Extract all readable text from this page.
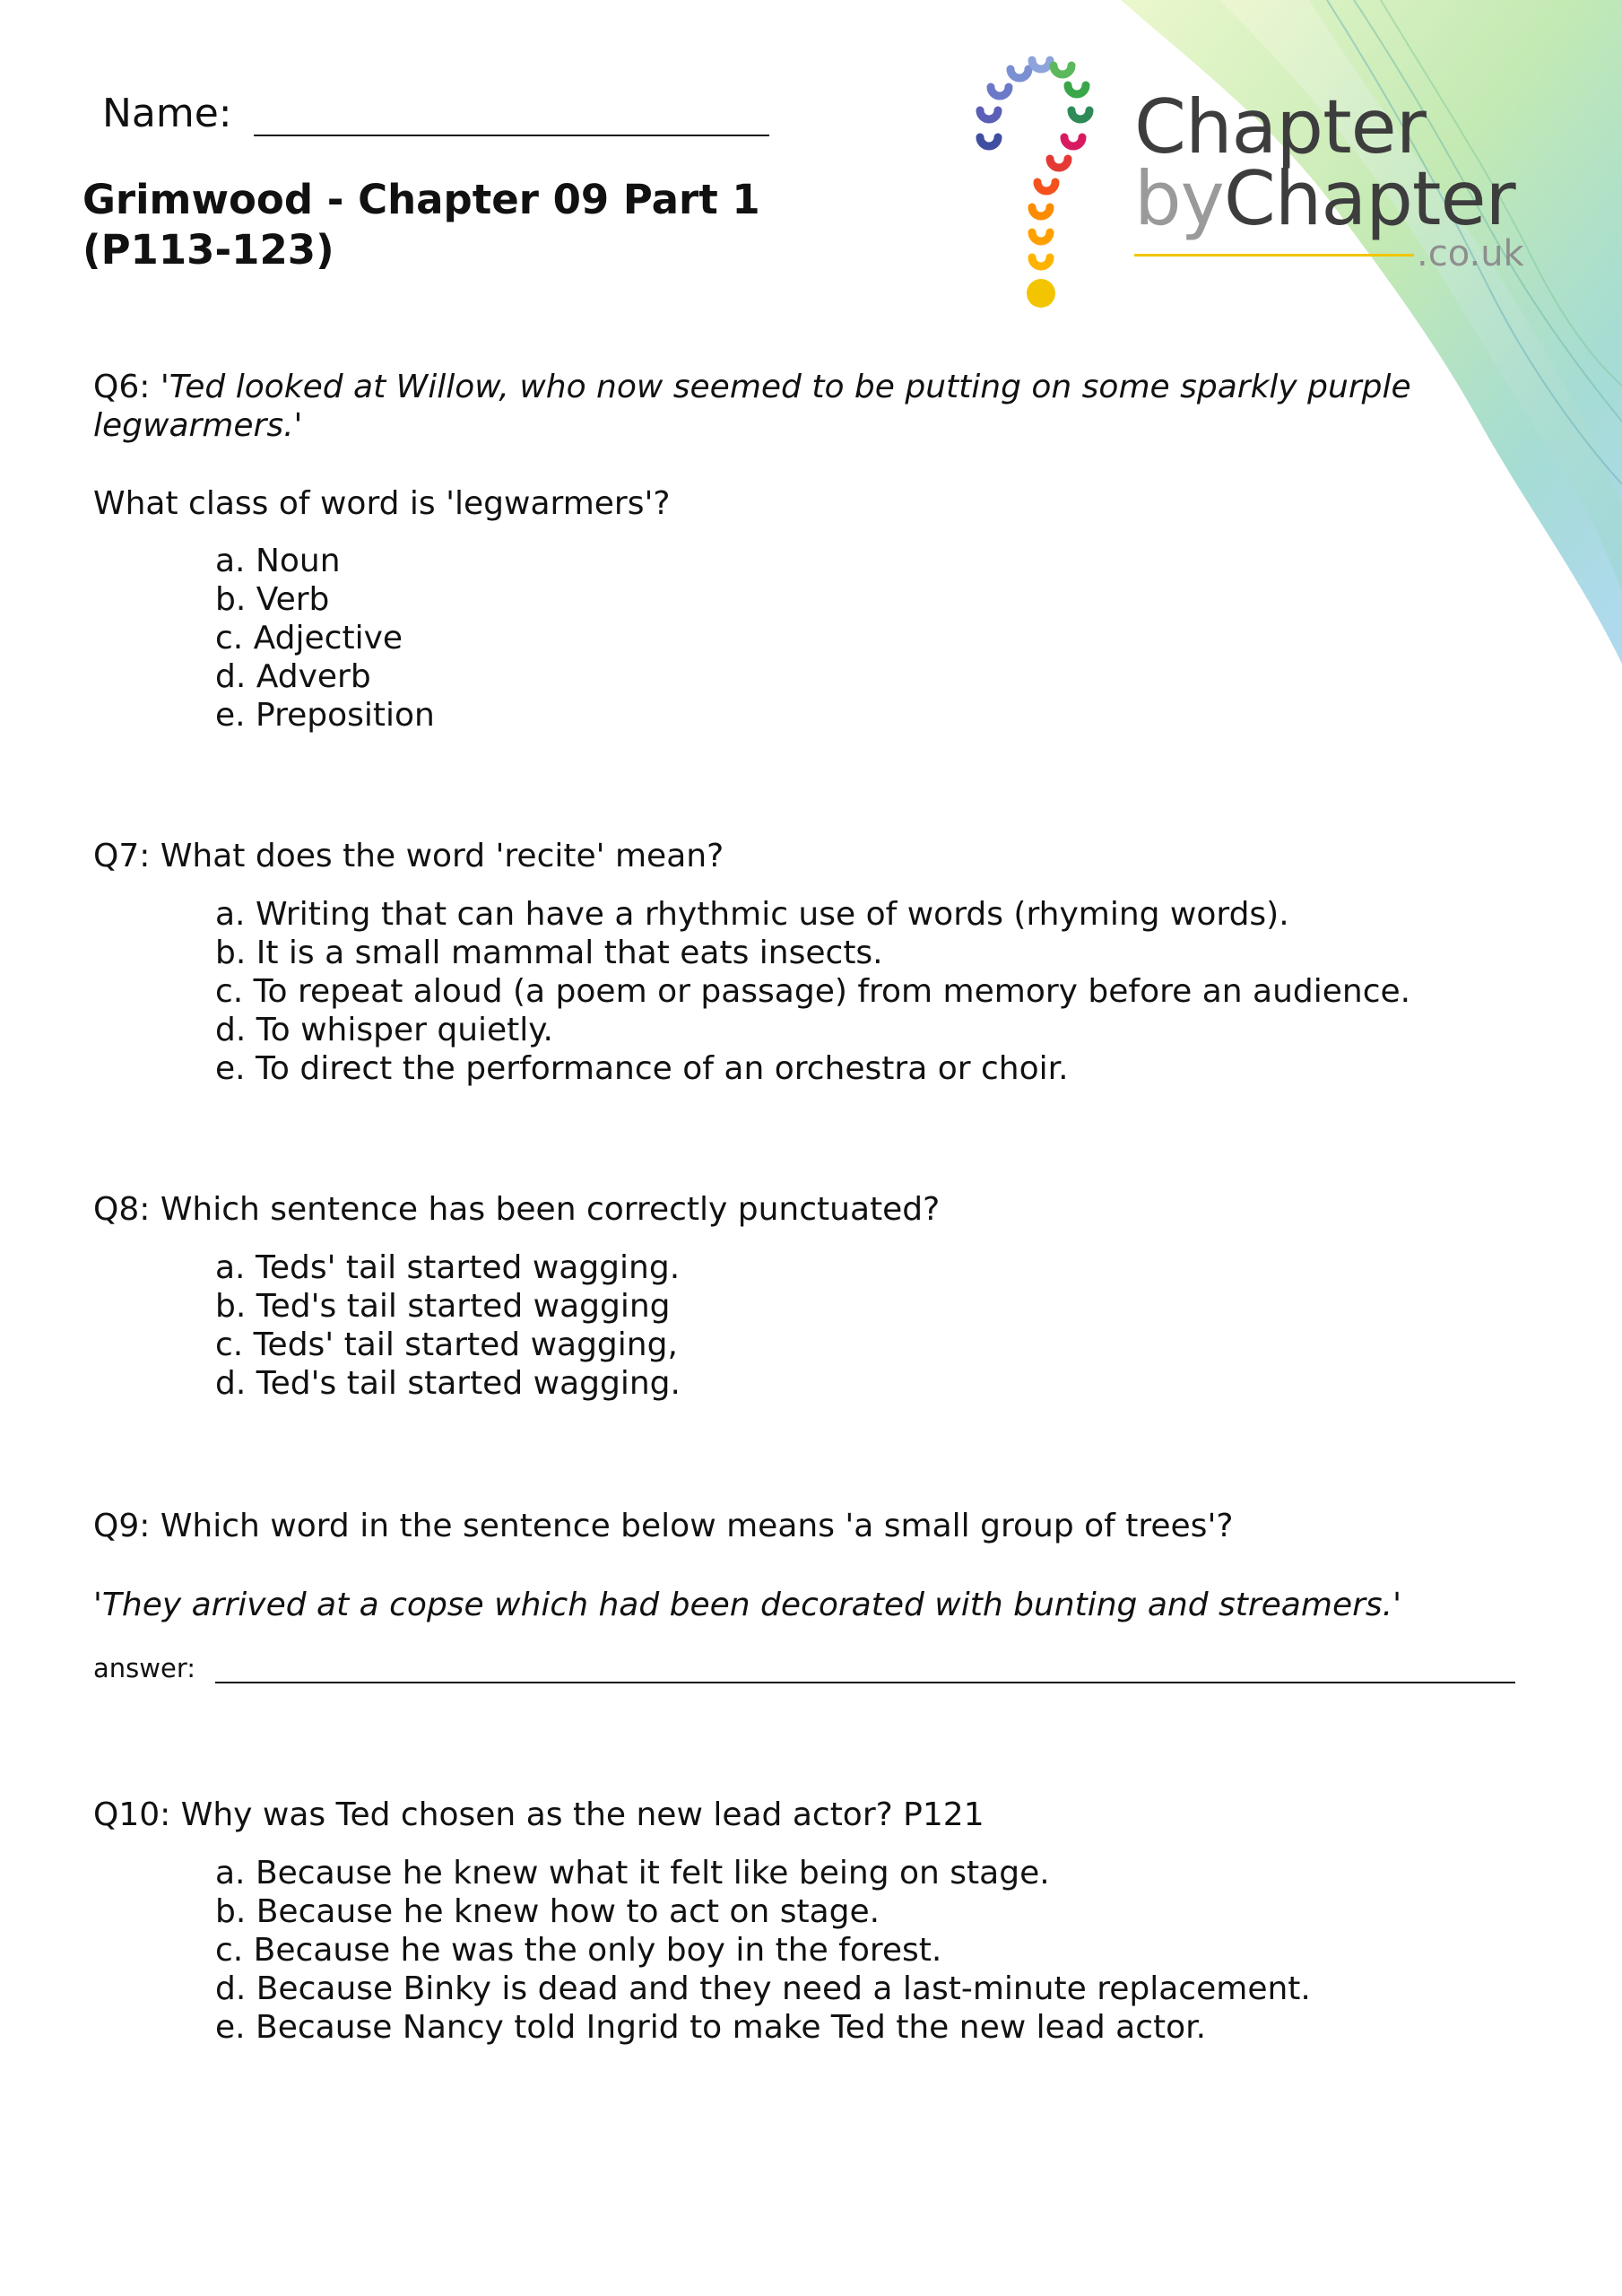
Name:
Grimwood - Chapter 09 Part 1
(P113-123)
Chapter
byChapter
.co.uk

Q6: 'Ted looked at Willow, who now seemed to be putting on some sparkly purple legwarmers.'

What class of word is 'legwarmers'?

a. Noun
b. Verb
c. Adjective
d. Adverb
e. Preposition

Q7: What does the word 'recite' mean?

a. Writing that can have a rhythmic use of words (rhyming words).
b. It is a small mammal that eats insects.
c. To repeat aloud (a poem or passage) from memory before an audience.
d. To whisper quietly.
e. To direct the performance of an orchestra or choir.

Q8: Which sentence has been correctly punctuated?

a. Teds' tail started wagging.
b. Ted's tail started wagging
c. Teds' tail started wagging,
d. Ted's tail started wagging.

Q9: Which word in the sentence below means 'a small group of trees'?

'They arrived at a copse which had been decorated with bunting and streamers.'

answer:

Q10: Why was Ted chosen as the new lead actor? P121

a. Because he knew what it felt like being on stage.
b. Because he knew how to act on stage.
c. Because he was the only boy in the forest.
d. Because Binky is dead and they need a last-minute replacement.
e. Because Nancy told Ingrid to make Ted the new lead actor.
